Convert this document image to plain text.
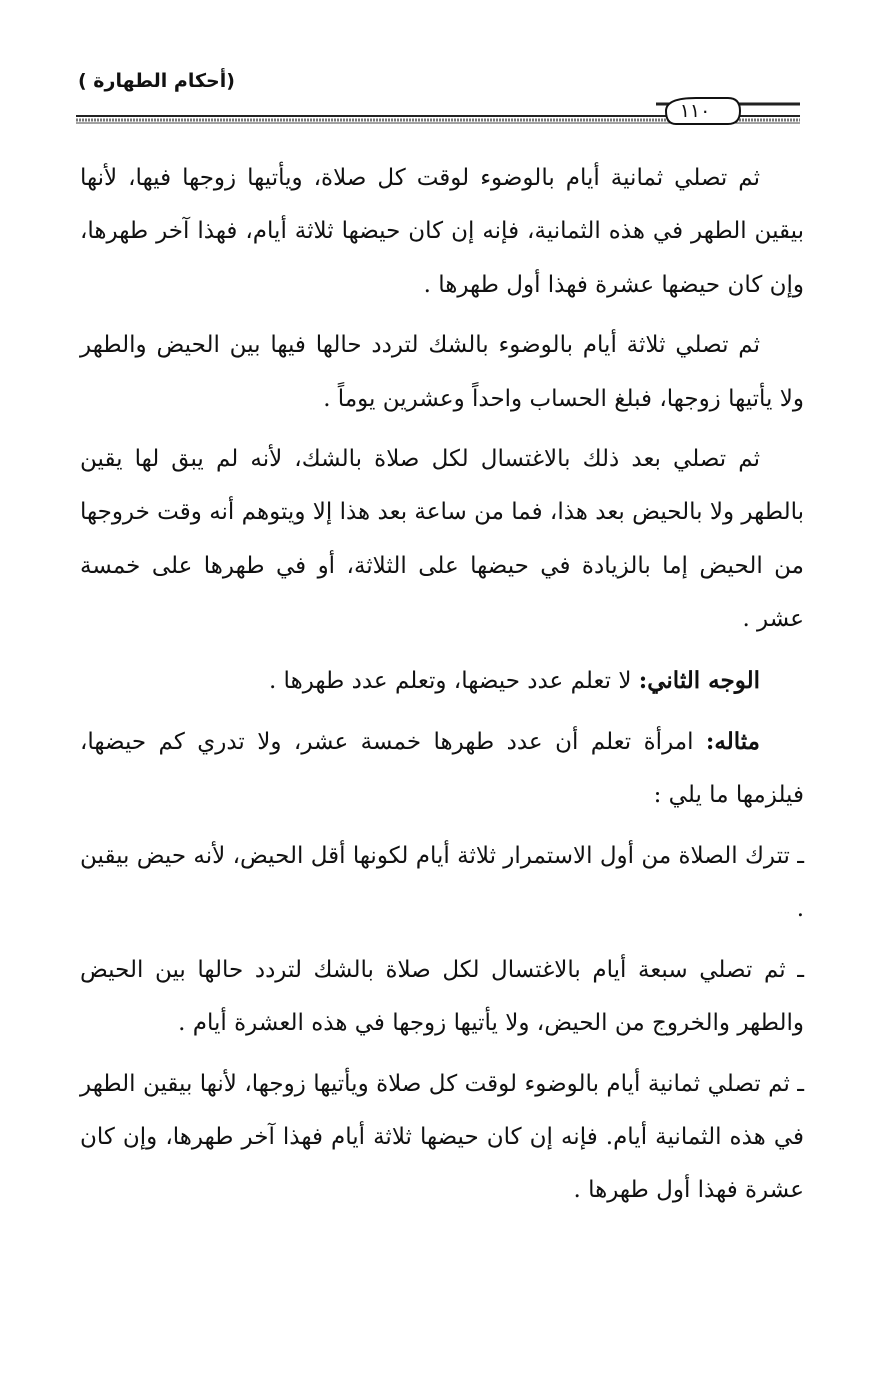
(أحكام الطهارة )
١١٠

ثم تصلي ثمانية أيام بالوضوء لوقت كل صلاة، ويأتيها زوجها فيها، لأنها بيقين الطهر في هذه الثمانية، فإنه إن كان حيضها ثلاثة أيام، فهذا آخر طهرها، وإن كان حيضها عشرة فهذا أول طهرها .

ثم تصلي ثلاثة أيام بالوضوء بالشك لتردد حالها فيها بين الحيض والطهر ولا يأتيها زوجها، فبلغ الحساب واحداً وعشرين يوماً .

ثم تصلي بعد ذلك بالاغتسال لكل صلاة بالشك، لأنه لم يبق لها يقين بالطهر ولا بالحيض بعد هذا، فما من ساعة بعد هذا إلا ويتوهم أنه وقت خروجها من الحيض إما بالزيادة في حيضها على الثلاثة، أو في طهرها على خمسة عشر .

الوجه الثاني: لا تعلم عدد حيضها، وتعلم عدد طهرها .

مثاله: امرأة تعلم أن عدد طهرها خمسة عشر، ولا تدري كم حيضها، فيلزمها ما يلي :

ـ تترك الصلاة من أول الاستمرار ثلاثة أيام لكونها أقل الحيض، لأنه حيض بيقين .

ـ ثم تصلي سبعة أيام بالاغتسال لكل صلاة بالشك لتردد حالها بين الحيض والطهر والخروج من الحيض، ولا يأتيها زوجها في هذه العشرة أيام .

ـ ثم تصلي ثمانية أيام بالوضوء لوقت كل صلاة ويأتيها زوجها، لأنها بيقين الطهر في هذه الثمانية أيام. فإنه إن كان حيضها ثلاثة أيام فهذا آخر طهرها، وإن كان عشرة فهذا أول طهرها .
